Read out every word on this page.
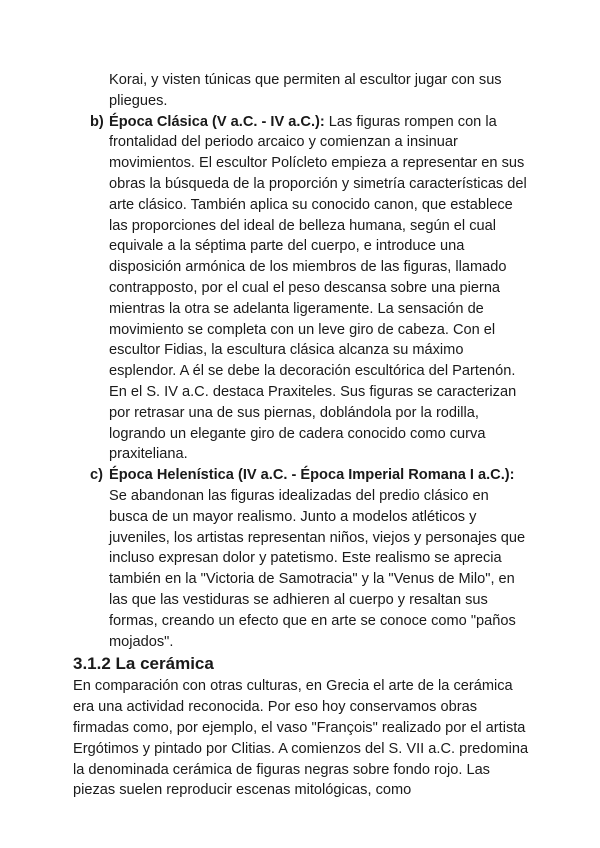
Korai, y visten túnicas que permiten al escultor jugar con sus pliegues.
b) Época Clásica (V a.C. - IV a.C.): Las figuras rompen con la frontalidad del periodo arcaico y comienzan a insinuar movimientos. El escultor Polícleto empieza a representar en sus obras la búsqueda de la proporción y simetría características del arte clásico. También aplica su conocido canon, que establece las proporciones del ideal de belleza humana, según el cual equivale a la séptima parte del cuerpo, e introduce una disposición armónica de los miembros de las figuras, llamado contrapposto, por el cual el peso descansa sobre una pierna mientras la otra se adelanta ligeramente. La sensación de movimiento se completa con un leve giro de cabeza. Con el escultor Fidias, la escultura clásica alcanza su máximo esplendor. A él se debe la decoración escultórica del Partenón. En el S. IV a.C. destaca Praxiteles. Sus figuras se caracterizan por retrasar una de sus piernas, doblándola por la rodilla, logrando un elegante giro de cadera conocido como curva praxiteliana.
c) Época Helenística (IV a.C. - Época Imperial Romana I a.C.): Se abandonan las figuras idealizadas del predio clásico en busca de un mayor realismo. Junto a modelos atléticos y juveniles, los artistas representan niños, viejos y personajes que incluso expresan dolor y patetismo. Este realismo se aprecia también en la "Victoria de Samotracia" y la "Venus de Milo", en las que las vestiduras se adhieren al cuerpo y resaltan sus formas, creando un efecto que en arte se conoce como "paños mojados".
3.1.2 La cerámica
En comparación con otras culturas, en Grecia el arte de la cerámica era una actividad reconocida. Por eso hoy conservamos obras firmadas como, por ejemplo, el vaso "François" realizado por el artista Ergótimos y pintado por Clitias. A comienzos del S. VII a.C. predomina la denominada cerámica de figuras negras sobre fondo rojo. Las piezas suelen reproducir escenas mitológicas, como
